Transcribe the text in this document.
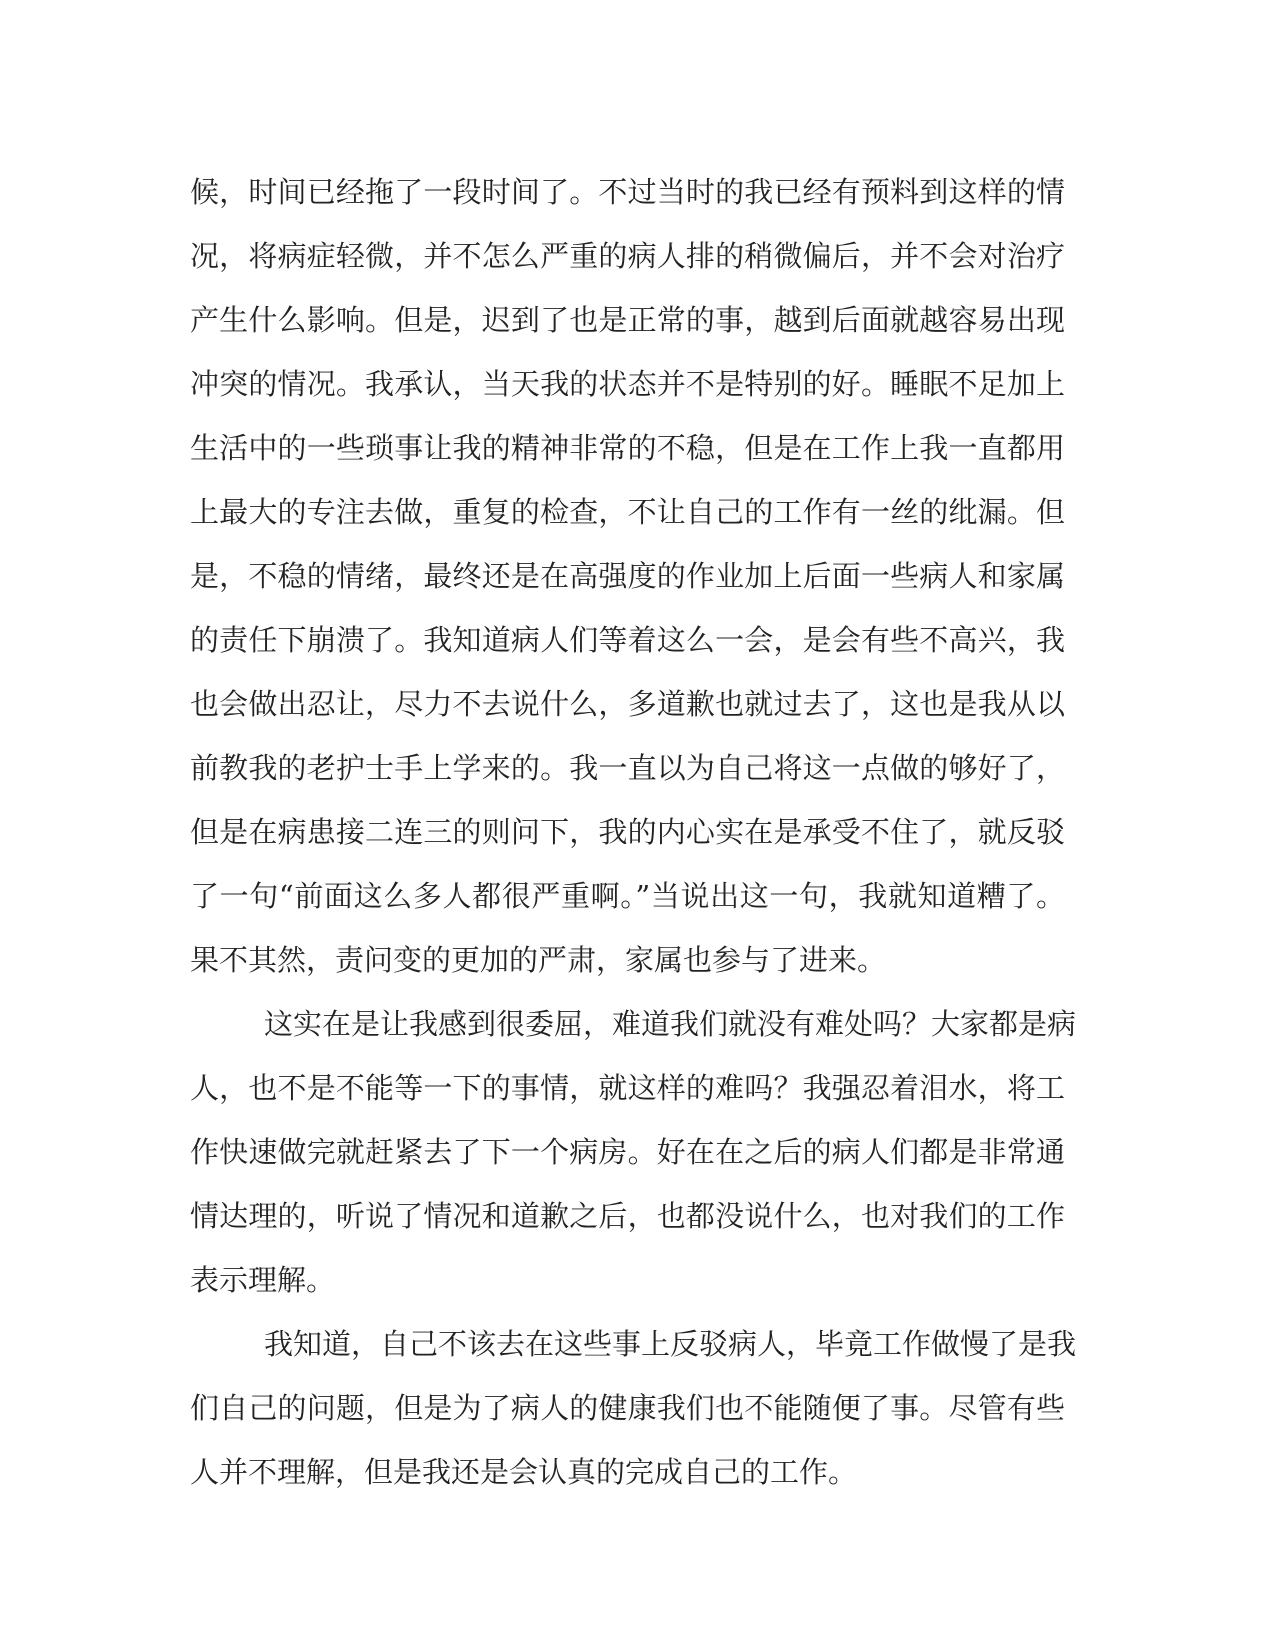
候，时间已经拖了一段时间了。不过当时的我已经有预料到这样的情
况，将病症轻微，并不怎么严重的病人排的稍微偏后，并不会对治疗
产生什么影响。但是，迟到了也是正常的事，越到后面就越容易出现
冲突的情况。我承认，当天我的状态并不是特别的好。睡眠不足加上
生活中的一些琐事让我的精神非常的不稳，但是在工作上我一直都用
上最大的专注去做，重复的检查，不让自己的工作有一丝的纰漏。但
是，不稳的情绪，最终还是在高强度的作业加上后面一些病人和家属
的责任下崩溃了。我知道病人们等着这么一会，是会有些不高兴，我
也会做出忍让，尽力不去说什么，多道歉也就过去了，这也是我从以
前教我的老护士手上学来的。我一直以为自己将这一点做的够好了，
但是在病患接二连三的则问下，我的内心实在是承受不住了，就反驳
了一句“前面这么多人都很严重啊。”当说出这一句，我就知道糟了。
果不其然，责问变的更加的严肃，家属也参与了进来。
这实在是让我感到很委屈，难道我们就没有难处吗？大家都是病
人，也不是不能等一下的事情，就这样的难吗？我强忍着泪水，将工
作快速做完就赶紧去了下一个病房。好在在之后的病人们都是非常通
情达理的，听说了情况和道歉之后，也都没说什么，也对我们的工作
表示理解。
我知道，自己不该去在这些事上反驳病人，毕竟工作做慢了是我
们自己的问题，但是为了病人的健康我们也不能随便了事。尽管有些
人并不理解，但是我还是会认真的完成自己的工作。
